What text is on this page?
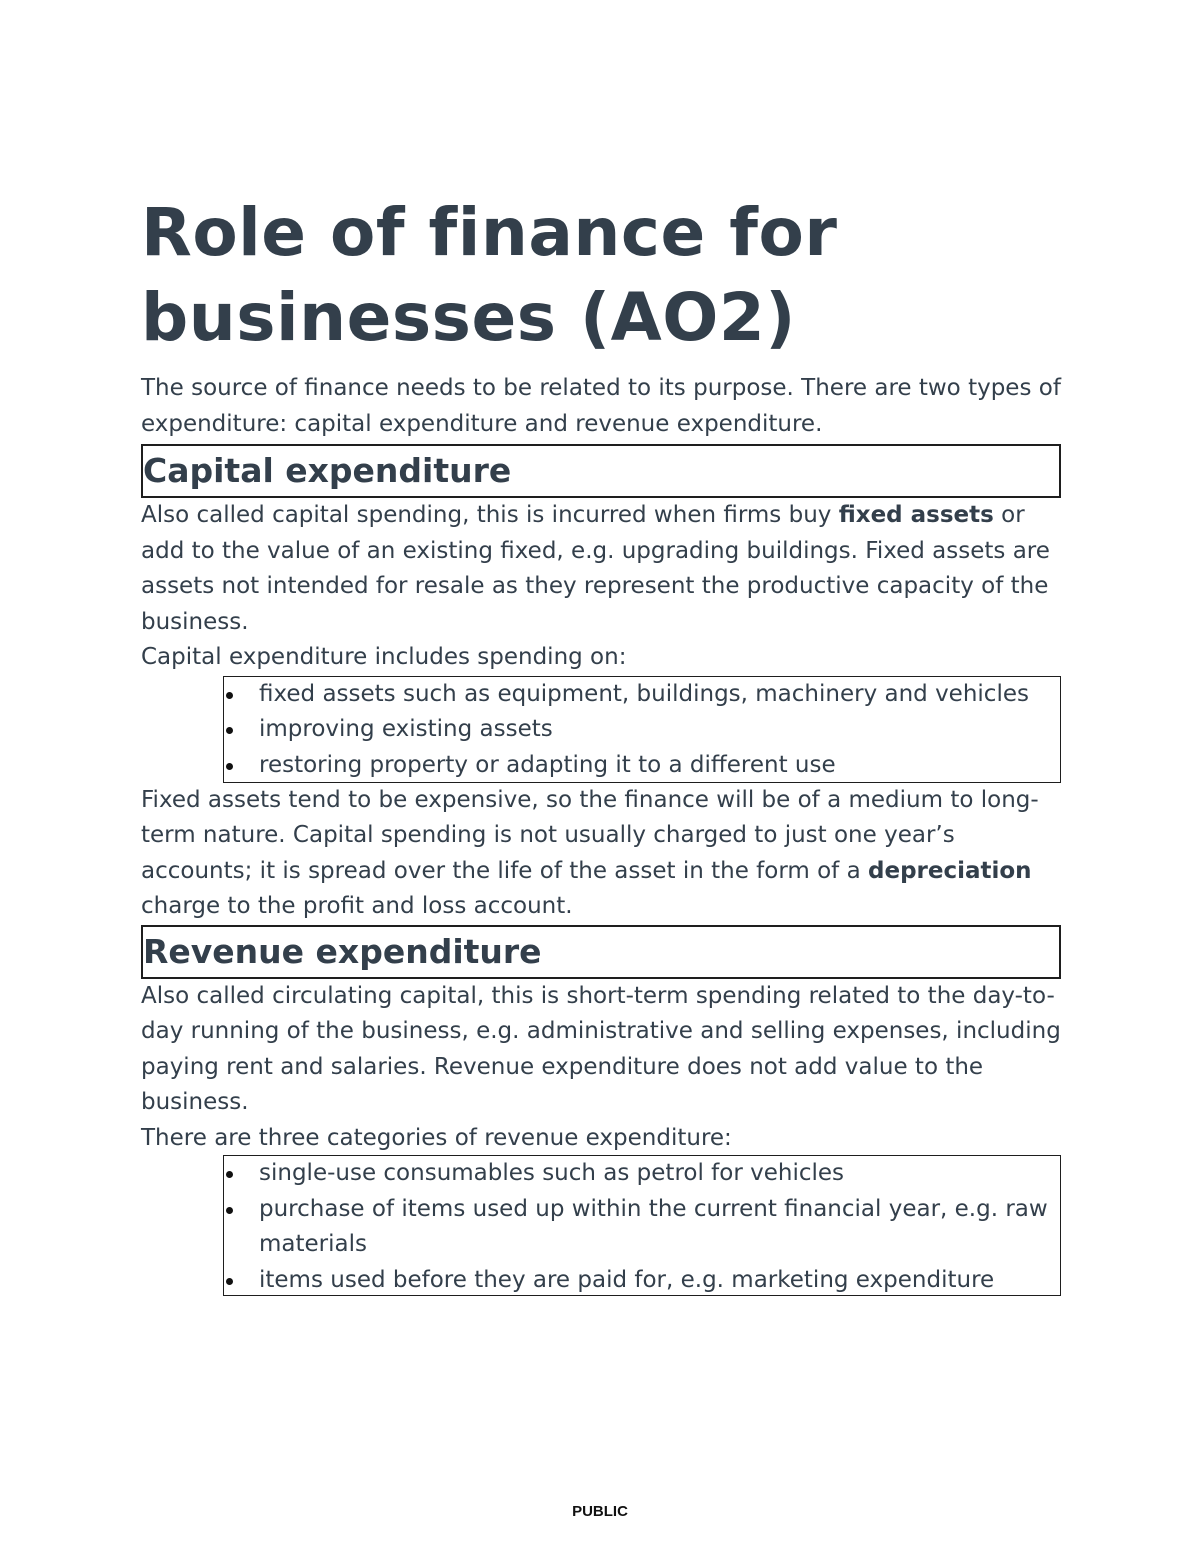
Role of finance for
businesses (AO2)

The source of finance needs to be related to its purpose. There are two types of expenditure: capital expenditure and revenue expenditure.

Capital expenditure

Also called capital spending, this is incurred when firms buy fixed assets or add to the value of an existing fixed, e.g. upgrading buildings. Fixed assets are assets not intended for resale as they represent the productive capacity of the business.

Capital expenditure includes spending on:

fixed assets such as equipment, buildings, machinery and vehicles
improving existing assets
restoring property or adapting it to a different use

Fixed assets tend to be expensive, so the finance will be of a medium to long-term nature. Capital spending is not usually charged to just one year’s accounts; it is spread over the life of the asset in the form of a depreciation charge to the profit and loss account.

Revenue expenditure

Also called circulating capital, this is short-term spending related to the day-to-day running of the business, e.g. administrative and selling expenses, including paying rent and salaries. Revenue expenditure does not add value to the business.

There are three categories of revenue expenditure:

single-use consumables such as petrol for vehicles
purchase of items used up within the current financial year, e.g. raw materials
items used before they are paid for, e.g. marketing expenditure
PUBLIC
